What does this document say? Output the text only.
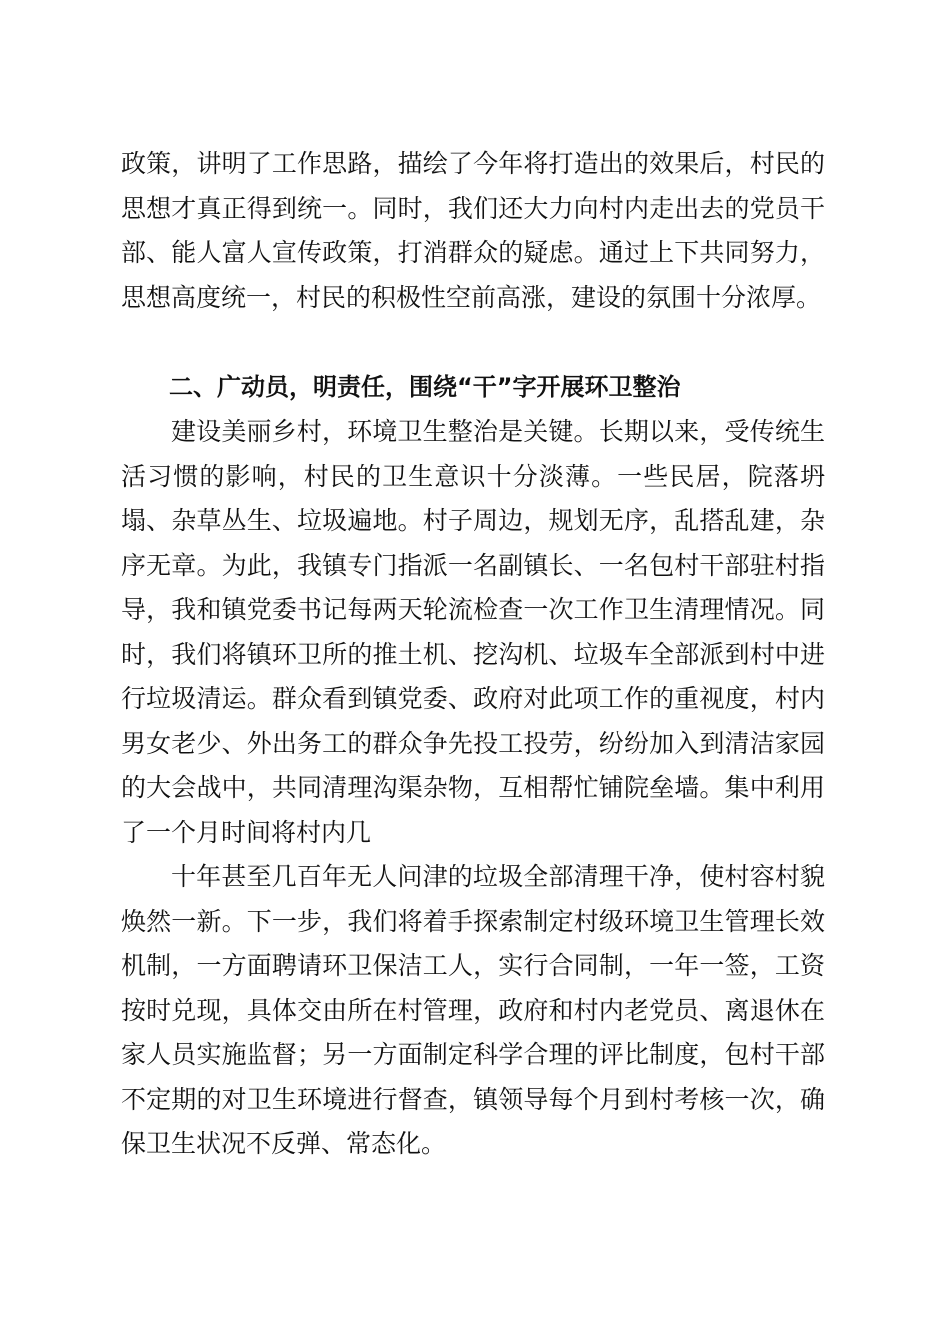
政策，讲明了工作思路，描绘了今年将打造出的效果后，村民的思想才真正得到统一。同时，我们还大力向村内走出去的党员干部、能人富人宣传政策，打消群众的疑虑。通过上下共同努力，思想高度统一，村民的积极性空前高涨，建设的氛围十分浓厚。

二、广动员，明责任，围绕“干”字开展环卫整治

建设美丽乡村，环境卫生整治是关键。长期以来，受传统生活习惯的影响，村民的卫生意识十分淡薄。一些民居，院落坍塌、杂草丛生、垃圾遍地。村子周边，规划无序，乱搭乱建，杂序无章。为此，我镇专门指派一名副镇长、一名包村干部驻村指导，我和镇党委书记每两天轮流检查一次工作卫生清理情况。同时，我们将镇环卫所的推土机、挖沟机、垃圾车全部派到村中进行垃圾清运。群众看到镇党委、政府对此项工作的重视度，村内男女老少、外出务工的群众争先投工投劳，纷纷加入到清洁家园的大会战中，共同清理沟渠杂物，互相帮忙铺院垒墙。集中利用了一个月时间将村内几

十年甚至几百年无人问津的垃圾全部清理干净，使村容村貌焕然一新。下一步，我们将着手探索制定村级环境卫生管理长效机制，一方面聘请环卫保洁工人，实行合同制，一年一签，工资按时兑现，具体交由所在村管理，政府和村内老党员、离退休在家人员实施监督；另一方面制定科学合理的评比制度，包村干部不定期的对卫生环境进行督查，镇领导每个月到村考核一次，确保卫生状况不反弹、常态化。
